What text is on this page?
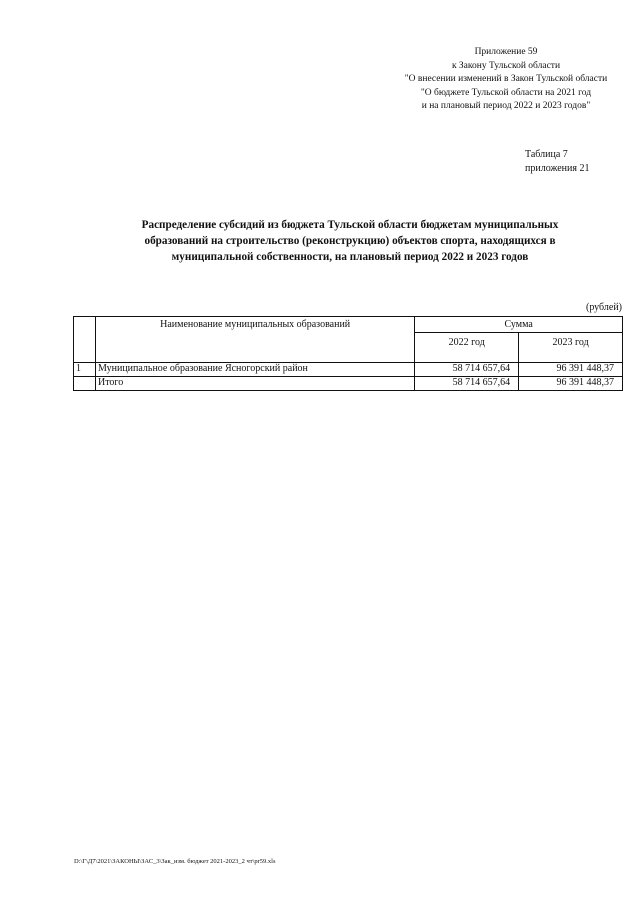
Приложение 59
к Закону Тульской области
"О внесении изменений в Закон Тульской области
"О бюджете Тульской области на 2021 год
и на плановый период 2022 и 2023 годов"
Таблица 7
приложения 21
Распределение субсидий из бюджета Тульской области бюджетам муниципальных
образований на строительство (реконструкцию) объектов спорта, находящихся в
муниципальной собственности, на плановый период 2022 и 2023 годов
(рублей)
	Наименование муниципальных образований	Сумма	
		2022 год	2023 год
1	Муниципальное образование Ясногорский район	58 714 657,64	96 391 448,37
	Итого	58 714 657,64	96 391 448,37
D:\Г\Д7\2021\ЗАКОНЫ\ЗАС_3\Зак_изм. бюджет 2021-2023_2 чт\pr59.xls
